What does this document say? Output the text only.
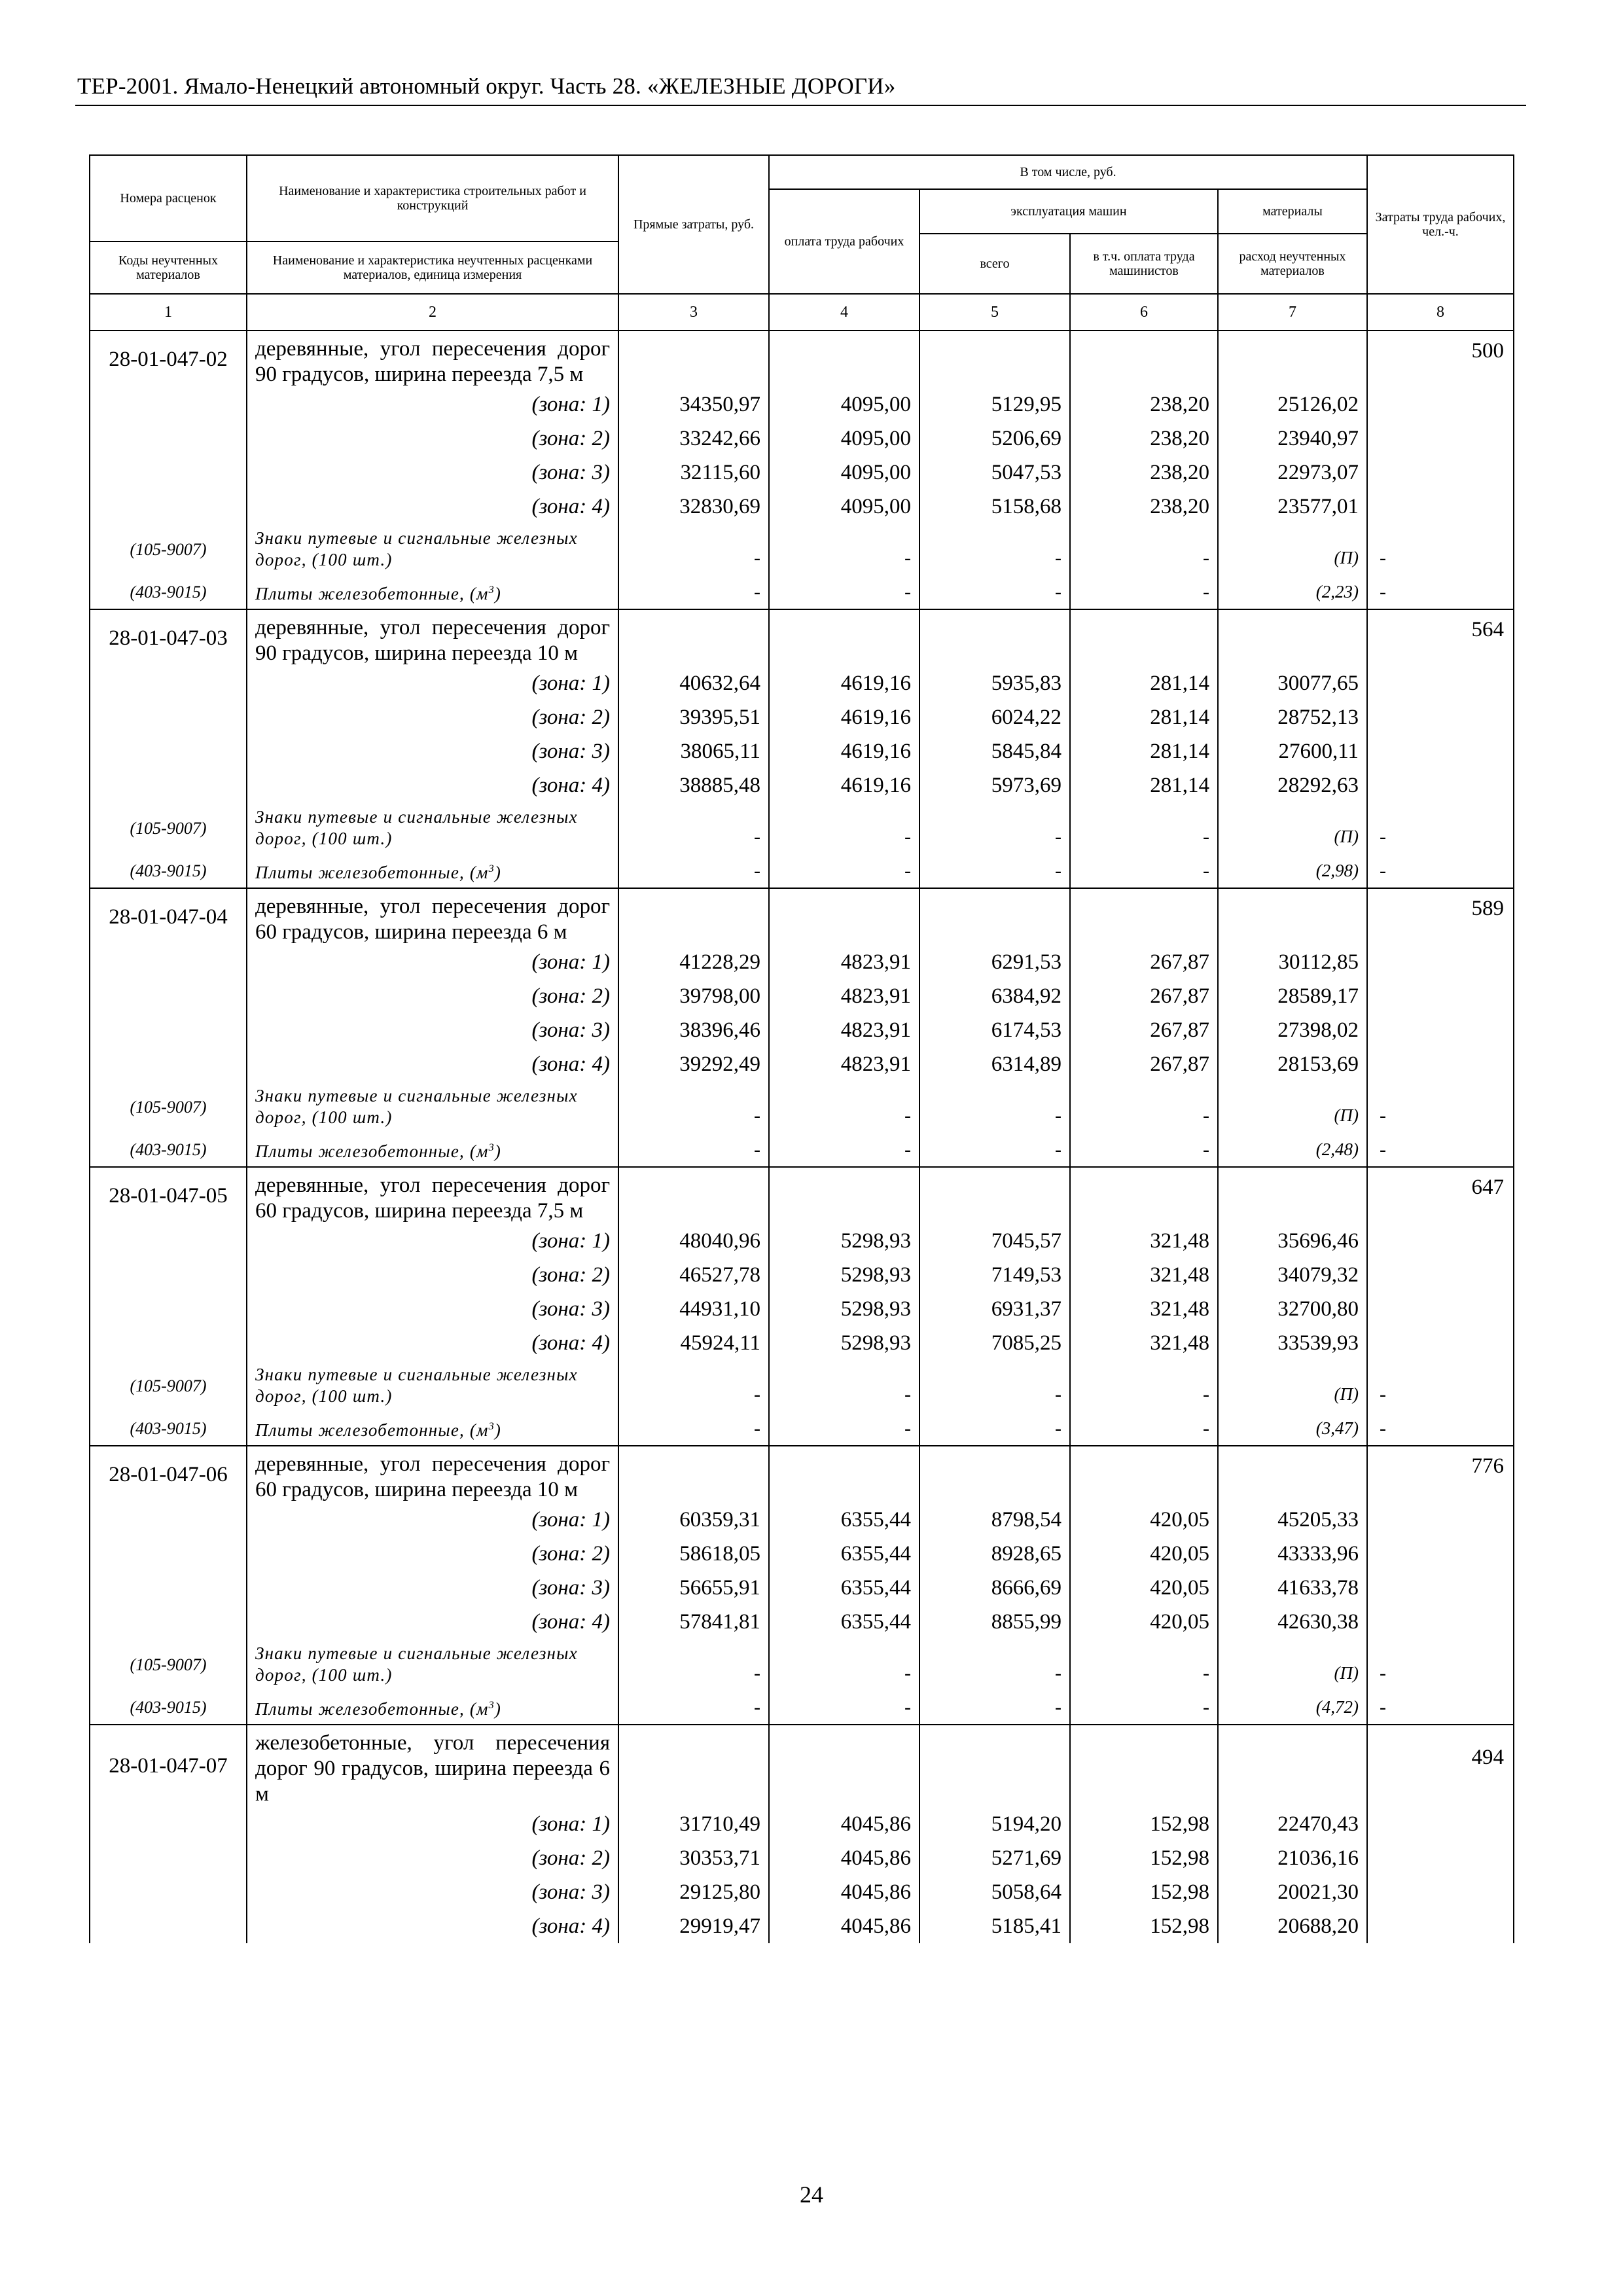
ТЕР-2001. Ямало-Ненецкий автономный округ. Часть 28. «ЖЕЛЕЗНЫЕ ДОРОГИ»
Номера расценок	Наименование и характеристика строительных работ и конструкций	Прямые затраты, руб.	В том числе, руб.				Затраты труда рабочих, чел.-ч.
			оплата труда рабочих	эксплуатация машин		материалы	
				всего	в т.ч. оплата труда машинистов	расход неучтенных материалов	
Коды неучтенных материалов	Наименование и характеристика неучтенных расценками материалов, единица измерения						

1	2	3	4	5	6	7	8
28-01-047-02	деревянные, угол пересечения дорог 90 градусов, ширина переезда 7,5 м						500
	(зона: 1)	34350,97	4095,00	5129,95	238,20	25126,02	
	(зона: 2)	33242,66	4095,00	5206,69	238,20	23940,97	
	(зона: 3)	32115,60	4095,00	5047,53	238,20	22973,07	
	(зона: 4)	32830,69	4095,00	5158,68	238,20	23577,01	
(105-9007)	Знаки путевые и сигнальные железных дорог, (100 шт.)	-	-	-	-	(П)	-
(403-9015)	Плиты железобетонные, $(м^3)$	-	-	-	-	(2,23)	-
28-01-047-03	деревянные, угол пересечения дорог 90 градусов, ширина переезда 10 м						564
	(зона: 1)	40632,64	4619,16	5935,83	281,14	30077,65	
	(зона: 2)	39395,51	4619,16	6024,22	281,14	28752,13	
	(зона: 3)	38065,11	4619,16	5845,84	281,14	27600,11	
	(зона: 4)	38885,48	4619,16	5973,69	281,14	28292,63	
(105-9007)	Знаки путевые и сигнальные железных дорог, (100 шт.)	-	-	-	-	(П)	-
(403-9015)	Плиты железобетонные, $(м^3)$	-	-	-	-	(2,98)	-
28-01-047-04	деревянные, угол пересечения дорог 60 градусов, ширина переезда 6 м						589
	(зона: 1)	41228,29	4823,91	6291,53	267,87	30112,85	
	(зона: 2)	39798,00	4823,91	6384,92	267,87	28589,17	
	(зона: 3)	38396,46	4823,91	6174,53	267,87	27398,02	
	(зона: 4)	39292,49	4823,91	6314,89	267,87	28153,69	
(105-9007)	Знаки путевые и сигнальные железных дорог, (100 шт.)	-	-	-	-	(П)	-
(403-9015)	Плиты железобетонные, $(м^3)$	-	-	-	-	(2,48)	-
28-01-047-05	деревянные, угол пересечения дорог 60 градусов, ширина переезда 7,5 м						647
	(зона: 1)	48040,96	5298,93	7045,57	321,48	35696,46	
	(зона: 2)	46527,78	5298,93	7149,53	321,48	34079,32	
	(зона: 3)	44931,10	5298,93	6931,37	321,48	32700,80	
	(зона: 4)	45924,11	5298,93	7085,25	321,48	33539,93	
(105-9007)	Знаки путевые и сигнальные железных дорог, (100 шт.)	-	-	-	-	(П)	-
(403-9015)	Плиты железобетонные, $(м^3)$	-	-	-	-	(3,47)	-
28-01-047-06	деревянные, угол пересечения дорог 60 градусов, ширина переезда 10 м						776
	(зона: 1)	60359,31	6355,44	8798,54	420,05	45205,33	
	(зона: 2)	58618,05	6355,44	8928,65	420,05	43333,96	
	(зона: 3)	56655,91	6355,44	8666,69	420,05	41633,78	
	(зона: 4)	57841,81	6355,44	8855,99	420,05	42630,38	
(105-9007)	Знаки путевые и сигнальные железных дорог, (100 шт.)	-	-	-	-	(П)	-
(403-9015)	Плиты железобетонные, $(м^3)$	-	-	-	-	(4,72)	-
28-01-047-07	железобетонные, угол пересечения дорог 90 градусов, ширина переезда 6 м						494
	(зона: 1)	31710,49	4045,86	5194,20	152,98	22470,43	
	(зона: 2)	30353,71	4045,86	5271,69	152,98	21036,16	
	(зона: 3)	29125,80	4045,86	5058,64	152,98	20021,30	
	(зона: 4)	29919,47	4045,86	5185,41	152,98	20688,20	
24
